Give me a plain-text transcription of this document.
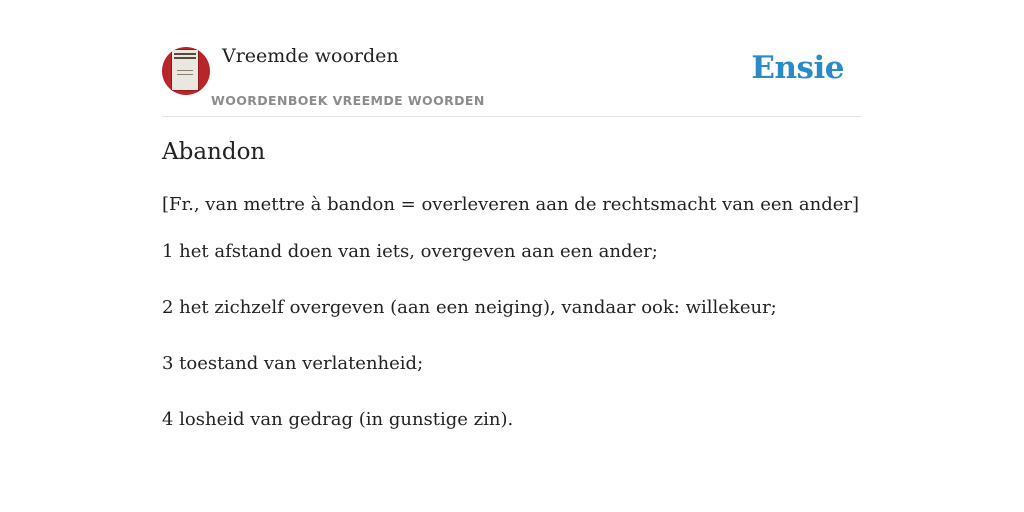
Vreemde woorden
WOORDENBOEK VREEMDE WOORDEN
Ensie
Abandon
[Fr., van mettre à bandon = overleveren aan de rechtsmacht van een ander]
1 het afstand doen van iets, overgeven aan een ander;
2 het zichzelf overgeven (aan een neiging), vandaar ook: willekeur;
3 toestand van verlatenheid;
4 losheid van gedrag (in gunstige zin).
